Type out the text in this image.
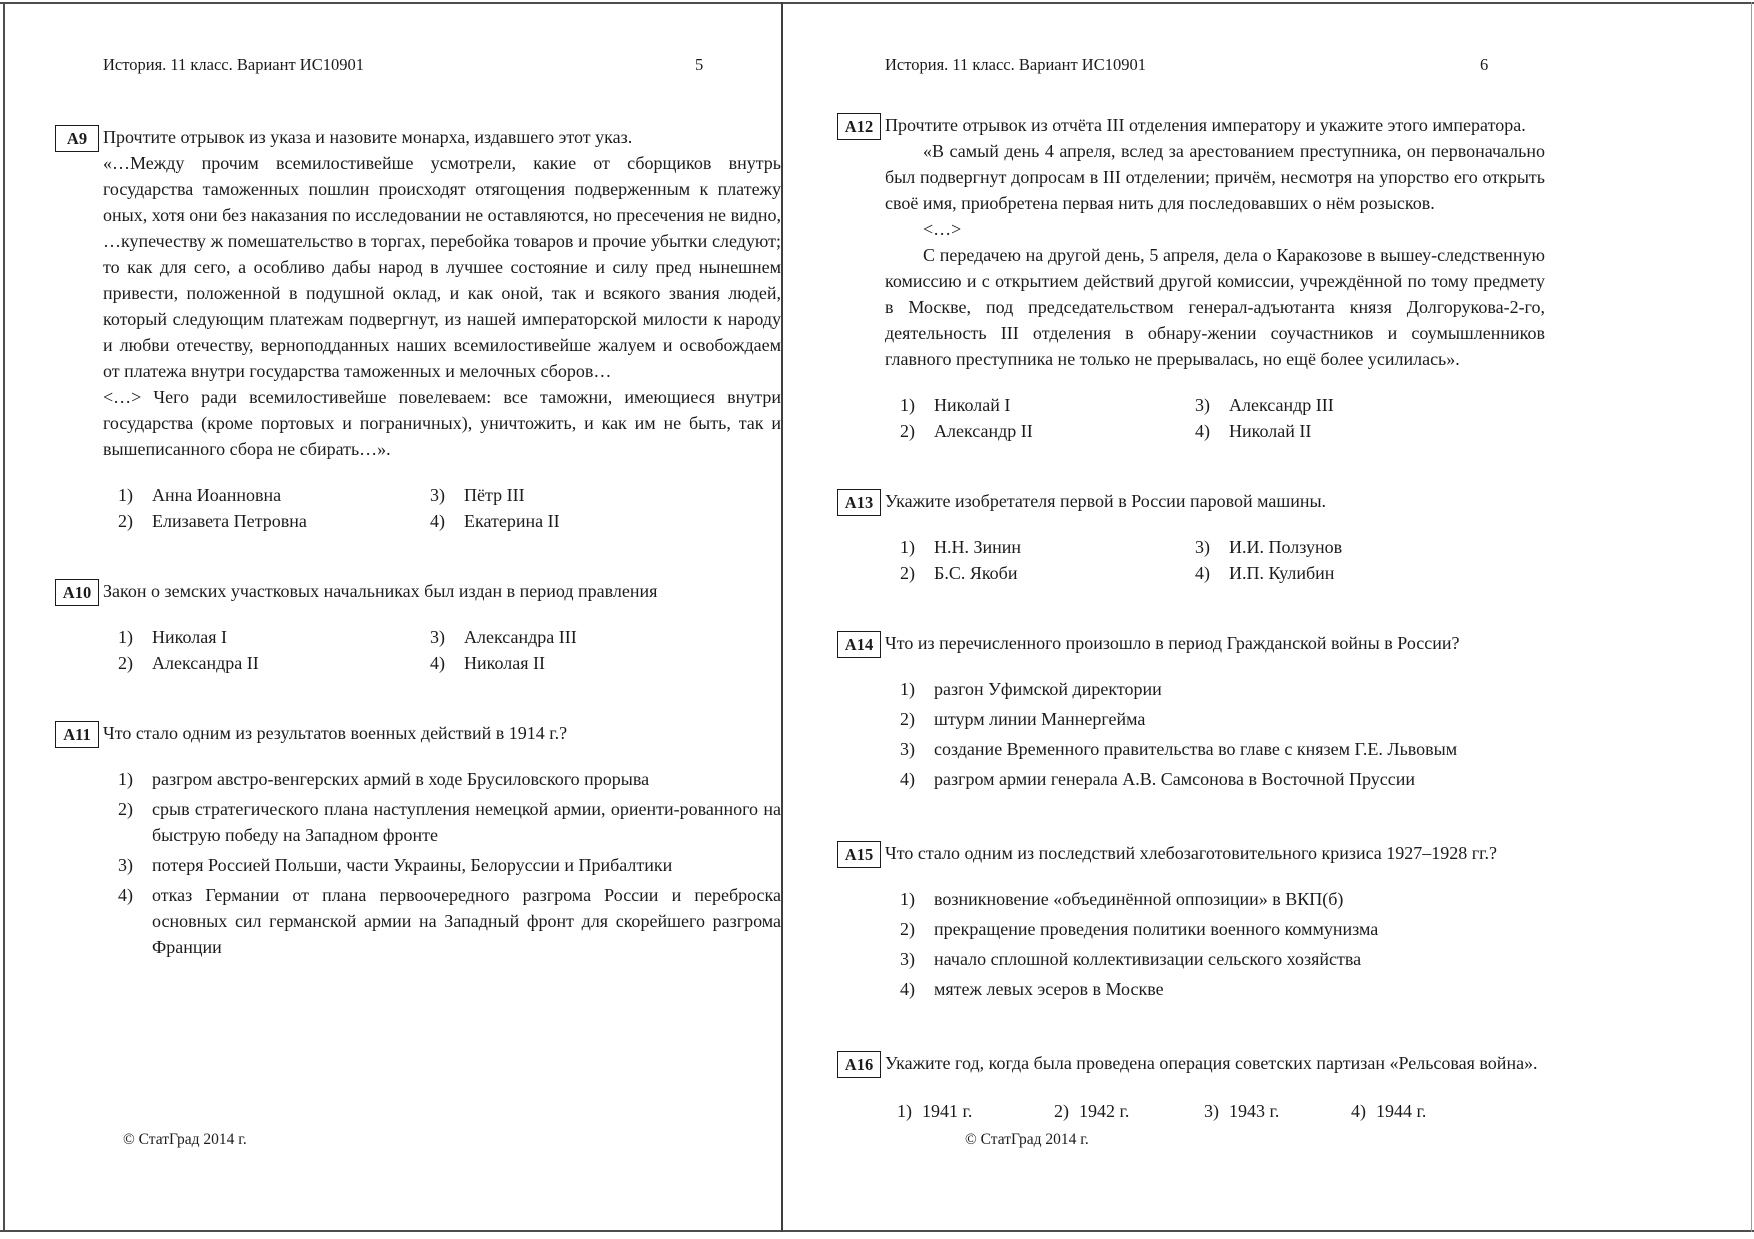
История. 11 класс. Вариант ИС10901	5
А9 Прочтите отрывок из указа и назовите монарха, издавшего этот указ.
«…Между прочим всемилостивейше усмотрели, какие от сборщиков внутрь государства таможенных пошлин происходят отягощения подверженным к платежу оных, хотя они без наказания по исследовании не оставляются, но пресечения не видно, …купечеству ж помешательство в торгах, перебойка товаров и прочие убытки следуют; то как для сего, а особливо дабы народ в лучшее состояние и силу пред нынешнем привести, положенной в подушной оклад, и как оной, так и всякого звания людей, который следующим платежам подвергнут, из нашей императорской милости к народу и любви отечеству, верноподданных наших всемилостивейше жалуем и освобождаем от платежа внутри государства таможенных и мелочных сборов…
<…> Чего ради всемилостивейше повелеваем: все таможни, имеющиеся внутри государства (кроме портовых и пограничных), уничтожить, и как им не быть, так и вышеписанного сбора не сбирать…».
1)	Анна Иоанновна	3)	Пётр III
2)	Елизавета Петровна	4)	Екатерина II
А10 Закон о земских участковых начальниках был издан в период правления
1)	Николая I	3)	Александра III
2)	Александра II	4)	Николая II
А11 Что стало одним из результатов военных действий в 1914 г.?
1)	разгром австро-венгерских армий в ходе Брусиловского прорыва
2)	срыв стратегического плана наступления немецкой армии, ориенти-рованного на быструю победу на Западном фронте
3)	потеря Россией Польши, части Украины, Белоруссии и Прибалтики
4)	отказ Германии от плана первоочередного разгрома России и переброска основных сил германской армии на Западный фронт для скорейшего разгрома Франции
© СтатГрад 2014 г.
История. 11 класс. Вариант ИС10901	6
А12 Прочтите отрывок из отчёта III отделения императору и укажите этого императора.
«В самый день 4 апреля, вслед за арестованием преступника, он первоначально был подвергнут допросам в III отделении; причём, несмотря на упорство его открыть своё имя, приобретена первая нить для последовавших о нём розысков.
<…>
С передачею на другой день, 5 апреля, дела о Каракозове в вышеу-следственную комиссию и с открытием действий другой комиссии, учреждённой по тому предмету в Москве, под председательством генерал-адъютанта князя Долгорукова-2-го, деятельность III отделения в обнару-жении соучастников и соумышленников главного преступника не только не прерывалась, но ещё более усилилась».
1)	Николай I	3)	Александр III
2)	Александр II	4)	Николай II
А13 Укажите изобретателя первой в России паровой машины.
1)	Н.Н. Зинин	3)	И.И. Ползунов
2)	Б.С. Якоби	4)	И.П. Кулибин
А14 Что из перечисленного произошло в период Гражданской войны в России?
1)	разгон Уфимской директории
2)	штурм линии Маннергейма
3)	создание Временного правительства во главе с князем Г.Е. Львовым
4)	разгром армии генерала А.В. Самсонова в Восточной Пруссии
А15 Что стало одним из последствий хлебозаготовительного кризиса 1927–1928 гг.?
1)	возникновение «объединённой оппозиции» в ВКП(б)
2)	прекращение проведения политики военного коммунизма
3)	начало сплошной коллективизации сельского хозяйства
4)	мятеж левых эсеров в Москве
А16 Укажите год, когда была проведена операция советских партизан «Рельсовая война».
1) 1941 г.	2) 1942 г.	3) 1943 г.	4) 1944 г.
© СтатГрад 2014 г.
